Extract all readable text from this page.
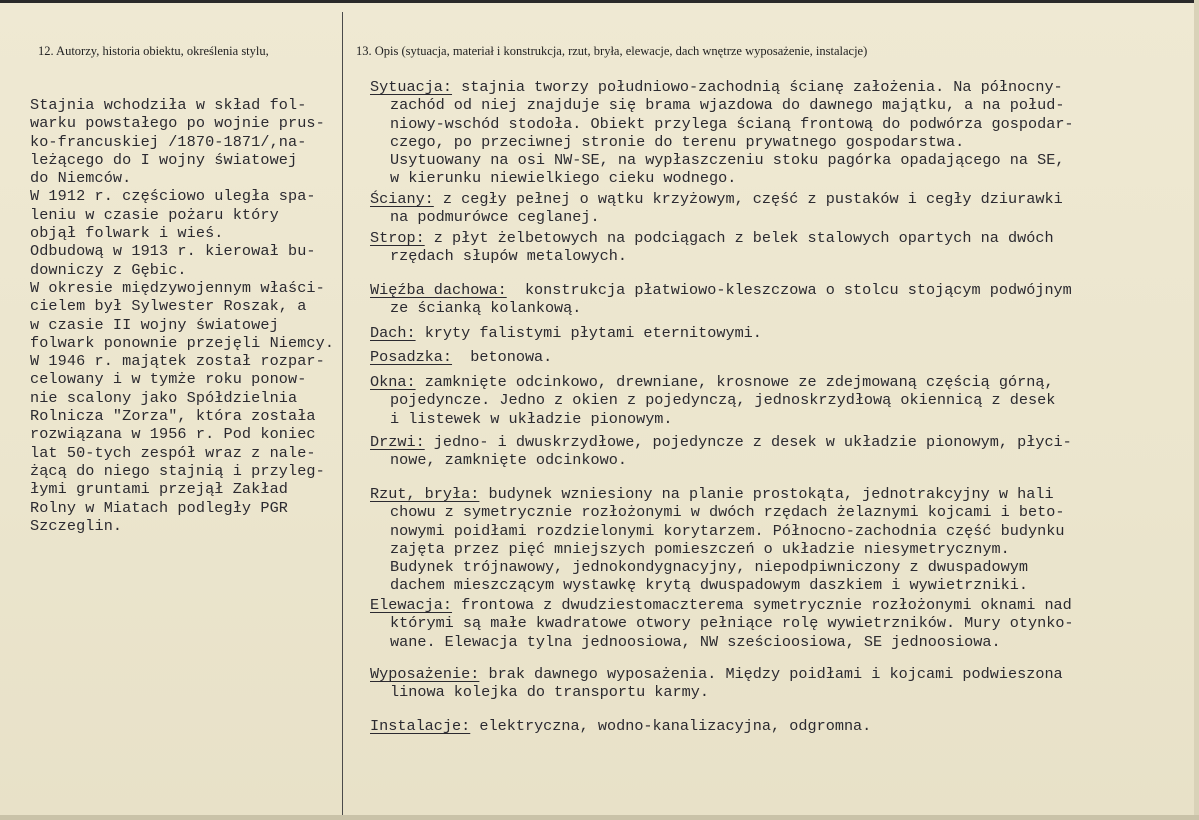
12. Autorzy, historia obiektu, określenia stylu,	13. Opis (sytuacja, materiał i konstrukcja, rzut, bryła, elewacje, dach wnętrze wyposażenie, instalacje)
Stajnia wchodziła w skład fol-
warku powstałego po wojnie prus-
ko-francuskiej /1870-1871/,na-
leżącego do I wojny światowej
do Niemców.
W 1912 r. częściowo uległa spa-
leniu w czasie pożaru który
objął folwark i wieś.
Odbudową w 1913 r. kierował bu-
downiczy z Gębic.
W okresie międzywojennym właści-
cielem był Sylwester Roszak, a
w czasie II wojny światowej
folwark ponownie przejęli Niemcy.
W 1946 r. majątek został rozpar-
celowany i w tymże roku ponow-
nie scalony jako Spółdzielnia
Rolnicza "Zorza", która została
rozwiązana w 1956 r. Pod koniec
lat 50-tych zespół wraz z nale-
żącą do niego stajnią i przyleg-
łymi gruntami przejął Zakład
Rolny w Miatach podległy PGR
Szczeglin.
Sytuacja: stajnia tworzy południowo-zachodnią ścianę założenia. Na północny-
zachód od niej znajduje się brama wjazdowa do dawnego majątku, a na połud-
niowy-wschód stodoła. Obiekt przylega ścianą frontową do podwórza gospodar-
czego, po przeciwnej stronie do terenu prywatnego gospodarstwa.
Usytuowany na osi NW-SE, na wypłaszczeniu stoku pagórka opadającego na SE,
w kierunku niewielkiego cieku wodnego.
Ściany: z cegły pełnej o wątku krzyżowym, część z pustaków i cegły dziurawki
na podmurówce ceglanej.
Strop: z płyt żelbetowych na podciągach z belek stalowych opartych na dwóch
rzędach słupów metalowych.
Więźba dachowa:  konstrukcja płatwiowo-kleszczowa o stolcu stojącym podwójnym
ze ścianką kolankową.
Dach: kryty falistymi płytami eternitowymi.
Posadzka:  betonowa.
Okna: zamknięte odcinkowo, drewniane, krosnowe ze zdejmowaną częścią górną,
pojedyncze. Jedno z okien z pojedynczą, jednoskrzydłową okiennicą z desek
i listewek w układzie pionowym.
Drzwi: jedno- i dwuskrzydłowe, pojedyncze z desek w układzie pionowym, płyci-
nowe, zamknięte odcinkowo.
Rzut, bryła: budynek wzniesiony na planie prostokąta, jednotrakcyjny w hali
chowu z symetrycznie rozłożonymi w dwóch rzędach żelaznymi kojcami i beto-
nowymi poidłami rozdzielonymi korytarzem. Północno-zachodnia część budynku
zajęta przez pięć mniejszych pomieszczeń o układzie niesymetrycznym.
Budynek trójnawowy, jednokondygnacyjny, niepodpiwniczony z dwuspadowym
dachem mieszczącym wystawkę krytą dwuspadowym daszkiem i wywietrzniki.
Elewacja: frontowa z dwudziestomaczterema symetrycznie rozłożonymi oknami nad
którymi są małe kwadratowe otwory pełniące rolę wywietrzników. Mury otynko-
wane. Elewacja tylna jednoosiowa, NW sześcioosiowa, SE jednoosiowa.
Wyposażenie: brak dawnego wyposażenia. Między poidłami i kojcami podwieszona
linowa kolejka do transportu karmy.
Instalacje: elektryczna, wodno-kanalizacyjna, odgromna.
